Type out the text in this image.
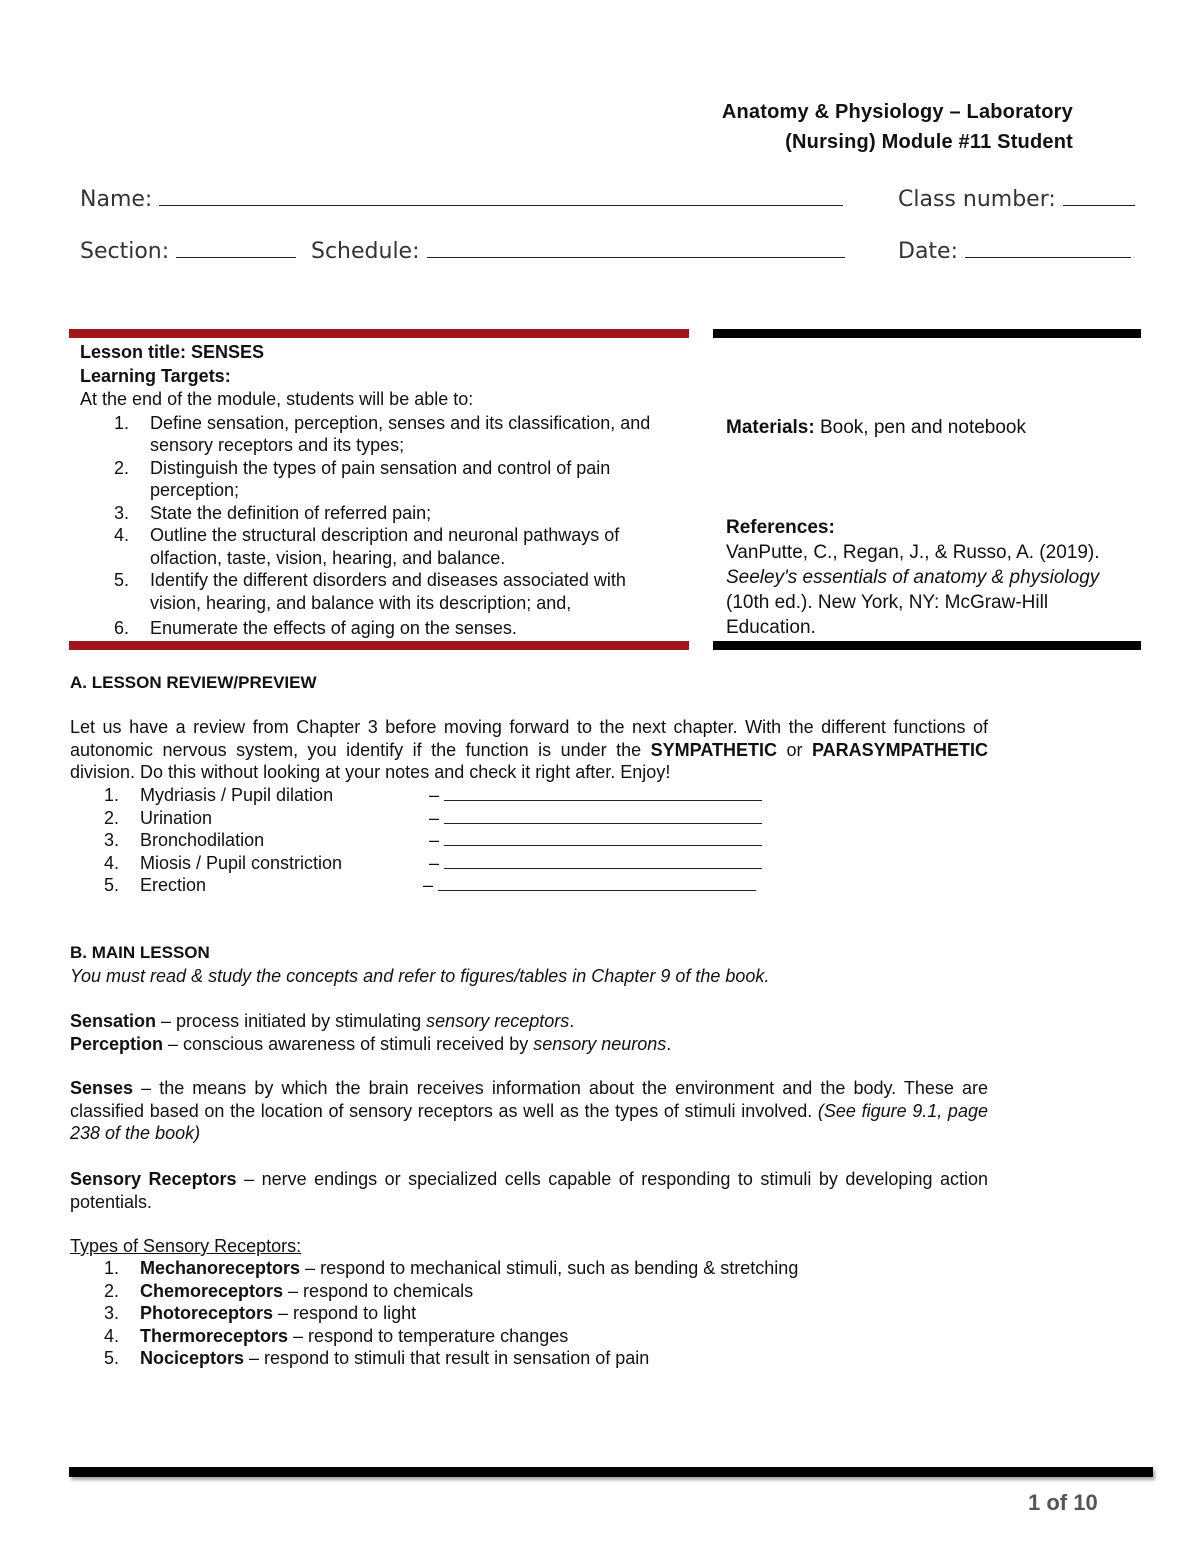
Anatomy & Physiology – Laboratory
(Nursing) Module #11 Student
Name:	Class number:
Section:	Schedule:	Date:
Lesson title: SENSES
Learning Targets:
At the end of the module, students will be able to:
1. Define sensation, perception, senses and its classification, and sensory receptors and its types;
2. Distinguish the types of pain sensation and control of pain perception;
3. State the definition of referred pain;
4. Outline the structural description and neuronal pathways of olfaction, taste, vision, hearing, and balance.
5. Identify the different disorders and diseases associated with vision, hearing, and balance with its description; and,
6. Enumerate the effects of aging on the senses.
Materials: Book, pen and notebook
References:
VanPutte, C., Regan, J., & Russo, A. (2019). Seeley's essentials of anatomy & physiology (10th ed.). New York, NY: McGraw-Hill Education.
A. LESSON REVIEW/PREVIEW
Let us have a review from Chapter 3 before moving forward to the next chapter. With the different functions of autonomic nervous system, you identify if the function is under the SYMPATHETIC or PARASYMPATHETIC division. Do this without looking at your notes and check it right after. Enjoy!
1. Mydriasis / Pupil dilation	–
2. Urination	–
3. Bronchodilation	–
4. Miosis / Pupil constriction	–
5. Erection	–
B. MAIN LESSON
You must read & study the concepts and refer to figures/tables in Chapter 9 of the book.
Sensation – process initiated by stimulating sensory receptors.
Perception – conscious awareness of stimuli received by sensory neurons.
Senses – the means by which the brain receives information about the environment and the body. These are classified based on the location of sensory receptors as well as the types of stimuli involved. (See figure 9.1, page 238 of the book)
Sensory Receptors – nerve endings or specialized cells capable of responding to stimuli by developing action potentials.
Types of Sensory Receptors:
1. Mechanoreceptors – respond to mechanical stimuli, such as bending & stretching
2. Chemoreceptors – respond to chemicals
3. Photoreceptors – respond to light
4. Thermoreceptors – respond to temperature changes
5. Nociceptors – respond to stimuli that result in sensation of pain
1 of 10
